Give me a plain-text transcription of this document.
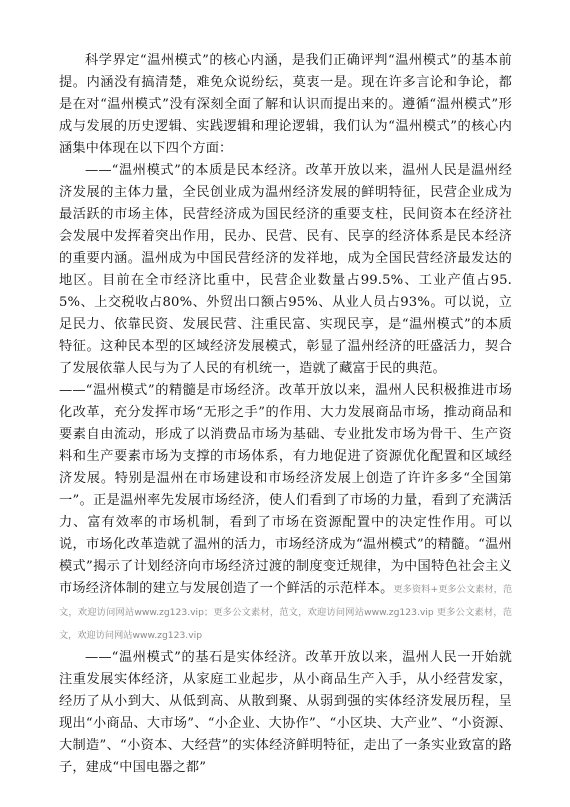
科学界定“温州模式”的核心内涵，是我们正确评判“温州模式”的基本前提。内涵没有搞清楚，难免众说纷纭，莫衷一是。现在许多言论和争论，都是在对“温州模式”没有深刻全面了解和认识而提出来的。遵循“温州模式”形成与发展的历史逻辑、实践逻辑和理论逻辑，我们认为“温州模式”的核心内涵集中体现在以下四个方面：

——“温州模式”的本质是民本经济。改革开放以来，温州人民是温州经济发展的主体力量，全民创业成为温州经济发展的鲜明特征，民营企业成为最活跃的市场主体，民营经济成为国民经济的重要支柱，民间资本在经济社会发展中发挥着突出作用，民办、民营、民有、民享的经济体系是民本经济的重要内涵。温州成为中国民营经济的发祥地，成为全国民营经济最发达的地区。目前在全市经济比重中，民营企业数量占99.5%、工业产值占95.5%、上交税收占80%、外贸出口额占95%、从业人员占93%。可以说，立足民力、依靠民资、发展民营、注重民富、实现民享，是“温州模式”的本质特征。这种民本型的区域经济发展模式，彰显了温州经济的旺盛活力，契合了发展依靠人民与为了人民的有机统一，造就了藏富于民的典范。

——“温州模式”的精髓是市场经济。改革开放以来，温州人民积极推进市场化改革，充分发挥市场“无形之手”的作用、大力发展商品市场，推动商品和要素自由流动，形成了以消费品市场为基础、专业批发市场为骨干、生产资料和生产要素市场为支撑的市场体系，有力地促进了资源优化配置和区域经济发展。特别是温州在市场建设和市场经济发展上创造了许许多多“全国第一”。正是温州率先发展市场经济，使人们看到了市场的力量，看到了充满活力、富有效率的市场机制，看到了市场在资源配置中的决定性作用。可以说，市场化改革造就了温州的活力，市场经济成为“温州模式”的精髓。“温州模式”揭示了计划经济向市场经济过渡的制度变迁规律，为中国特色社会主义市场经济体制的建立与发展创造了一个鲜活的示范样本。更多资料+更多公文素材，范文，欢迎访问网站www.zg123.vip；更多公文素材，范文，欢迎访问网站www.zg123.vip 更多公文素材，范文，欢迎访问网站www.zg123.vip

——“温州模式”的基石是实体经济。改革开放以来，温州人民一开始就注重发展实体经济，从家庭工业起步，从小商品生产入手，从小经营发家，经历了从小到大、从低到高、从散到聚、从弱到强的实体经济发展历程，呈现出“小商品、大市场”、“小企业、大协作”、“小区块、大产业”、“小资源、大制造”、“小资本、大经营”的实体经济鲜明特征，走出了一条实业致富的路子，建成“中国电器之都”
